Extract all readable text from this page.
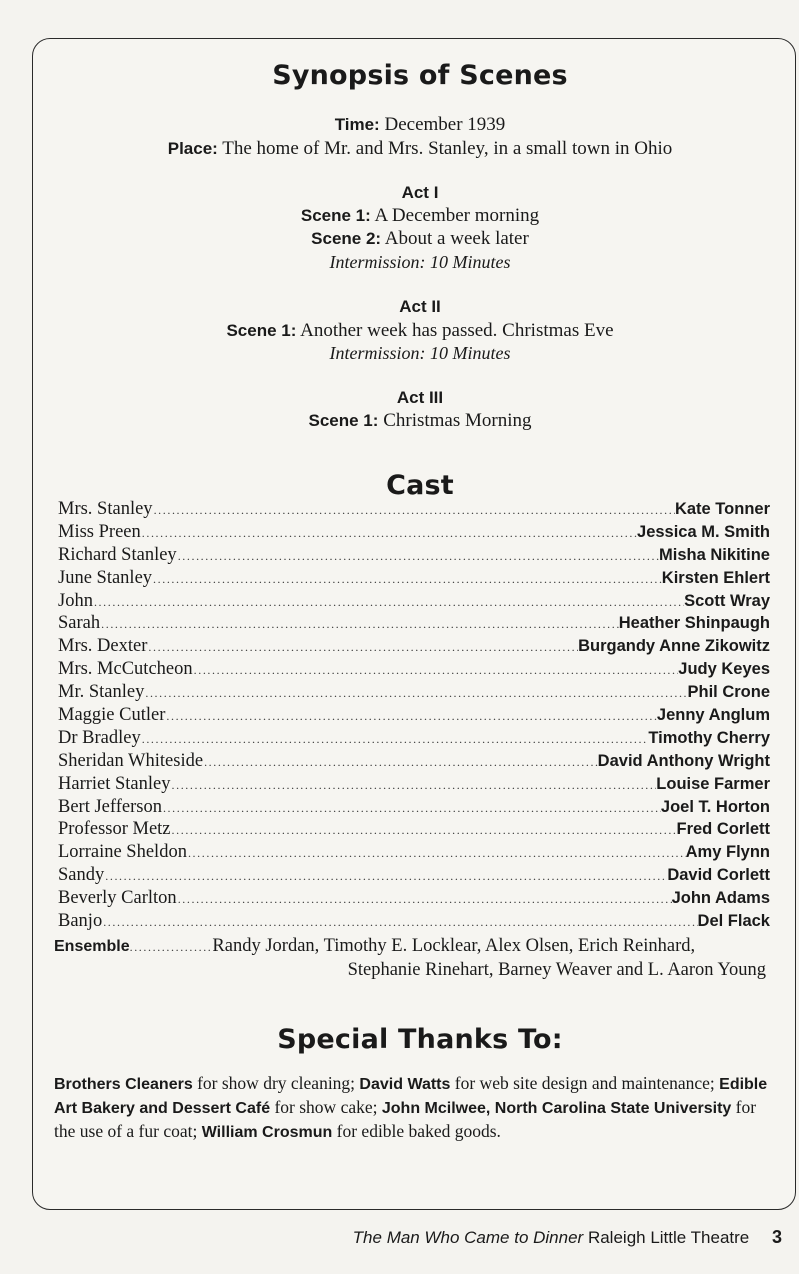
Synopsis of Scenes
Time: December 1939
Place: The home of Mr. and Mrs. Stanley, in a small town in Ohio
Act I
Scene 1: A December morning
Scene 2: About a week later
Intermission: 10 Minutes
Act II
Scene 1: Another week has passed. Christmas Eve
Intermission: 10 Minutes
Act III
Scene 1: Christmas Morning
Cast
Mrs. Stanley .....	Kate Tonner
Miss Preen .....	Jessica M. Smith
Richard Stanley .....	Misha Nikitine
June Stanley .....	Kirsten Ehlert
John .....	Scott Wray
Sarah .....	Heather Shinpaugh
Mrs. Dexter .....	Burgandy Anne Zikowitz
Mrs. McCutcheon .....	Judy Keyes
Mr. Stanley .....	Phil Crone
Maggie Cutler .....	Jenny Anglum
Dr Bradley .....	Timothy Cherry
Sheridan Whiteside .....	David Anthony Wright
Harriet Stanley .....	Louise Farmer
Bert Jefferson .....	Joel T. Horton
Professor Metz .....	Fred Corlett
Lorraine Sheldon .....	Amy Flynn
Sandy .....	David Corlett
Beverly Carlton .....	John Adams
Banjo .....	Del Flack
Ensemble..................Randy Jordan, Timothy E. Locklear, Alex Olsen, Erich Reinhard,
Stephanie Rinehart, Barney Weaver and L. Aaron Young
Special Thanks To:
Brothers Cleaners for show dry cleaning; David Watts for web site design and maintenance; Edible Art Bakery and Dessert Café for show cake; John Mcilwee, North Carolina State University for the use of a fur coat; William Crosmun for edible baked goods.
The Man Who Came to Dinner Raleigh Little Theatre 3
